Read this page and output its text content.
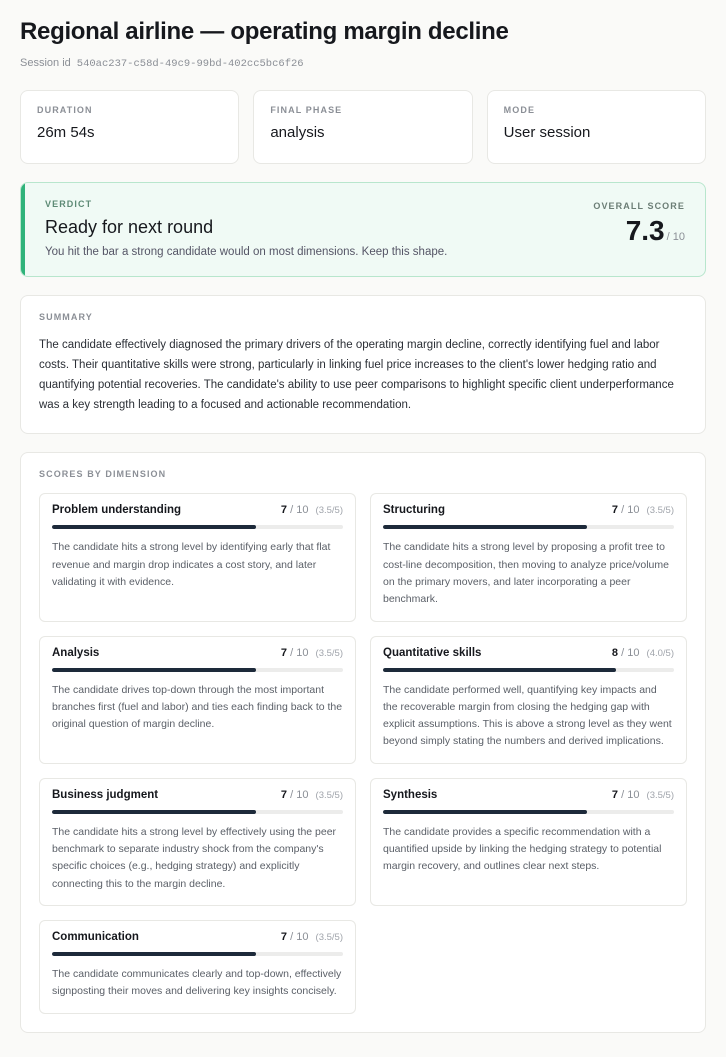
Regional airline — operating margin decline
Session id 540ac237-c58d-49c9-99bd-402cc5bc6f26
DURATION
26m 54s
FINAL PHASE
analysis
MODE
User session
VERDICT
Ready for next round
You hit the bar a strong candidate would on most dimensions. Keep this shape.
OVERALL SCORE
7.3 / 10
SUMMARY
The candidate effectively diagnosed the primary drivers of the operating margin decline, correctly identifying fuel and labor costs. Their quantitative skills were strong, particularly in linking fuel price increases to the client's lower hedging ratio and quantifying potential recoveries. The candidate's ability to use peer comparisons to highlight specific client underperformance was a key strength leading to a focused and actionable recommendation.
SCORES BY DIMENSION
Problem understanding	7 / 10 (3.5/5)
The candidate hits a strong level by identifying early that flat revenue and margin drop indicates a cost story, and later validating it with evidence.
Structuring	7 / 10 (3.5/5)
The candidate hits a strong level by proposing a profit tree to cost-line decomposition, then moving to analyze price/volume on the primary movers, and later incorporating a peer benchmark.
Analysis	7 / 10 (3.5/5)
The candidate drives top-down through the most important branches first (fuel and labor) and ties each finding back to the original question of margin decline.
Quantitative skills	8 / 10 (4.0/5)
The candidate performed well, quantifying key impacts and the recoverable margin from closing the hedging gap with explicit assumptions. This is above a strong level as they went beyond simply stating the numbers and derived implications.
Business judgment	7 / 10 (3.5/5)
The candidate hits a strong level by effectively using the peer benchmark to separate industry shock from the company's specific choices (e.g., hedging strategy) and explicitly connecting this to the margin decline.
Synthesis	7 / 10 (3.5/5)
The candidate provides a specific recommendation with a quantified upside by linking the hedging strategy to potential margin recovery, and outlines clear next steps.
Communication	7 / 10 (3.5/5)
The candidate communicates clearly and top-down, effectively signposting their moves and delivering key insights concisely.
